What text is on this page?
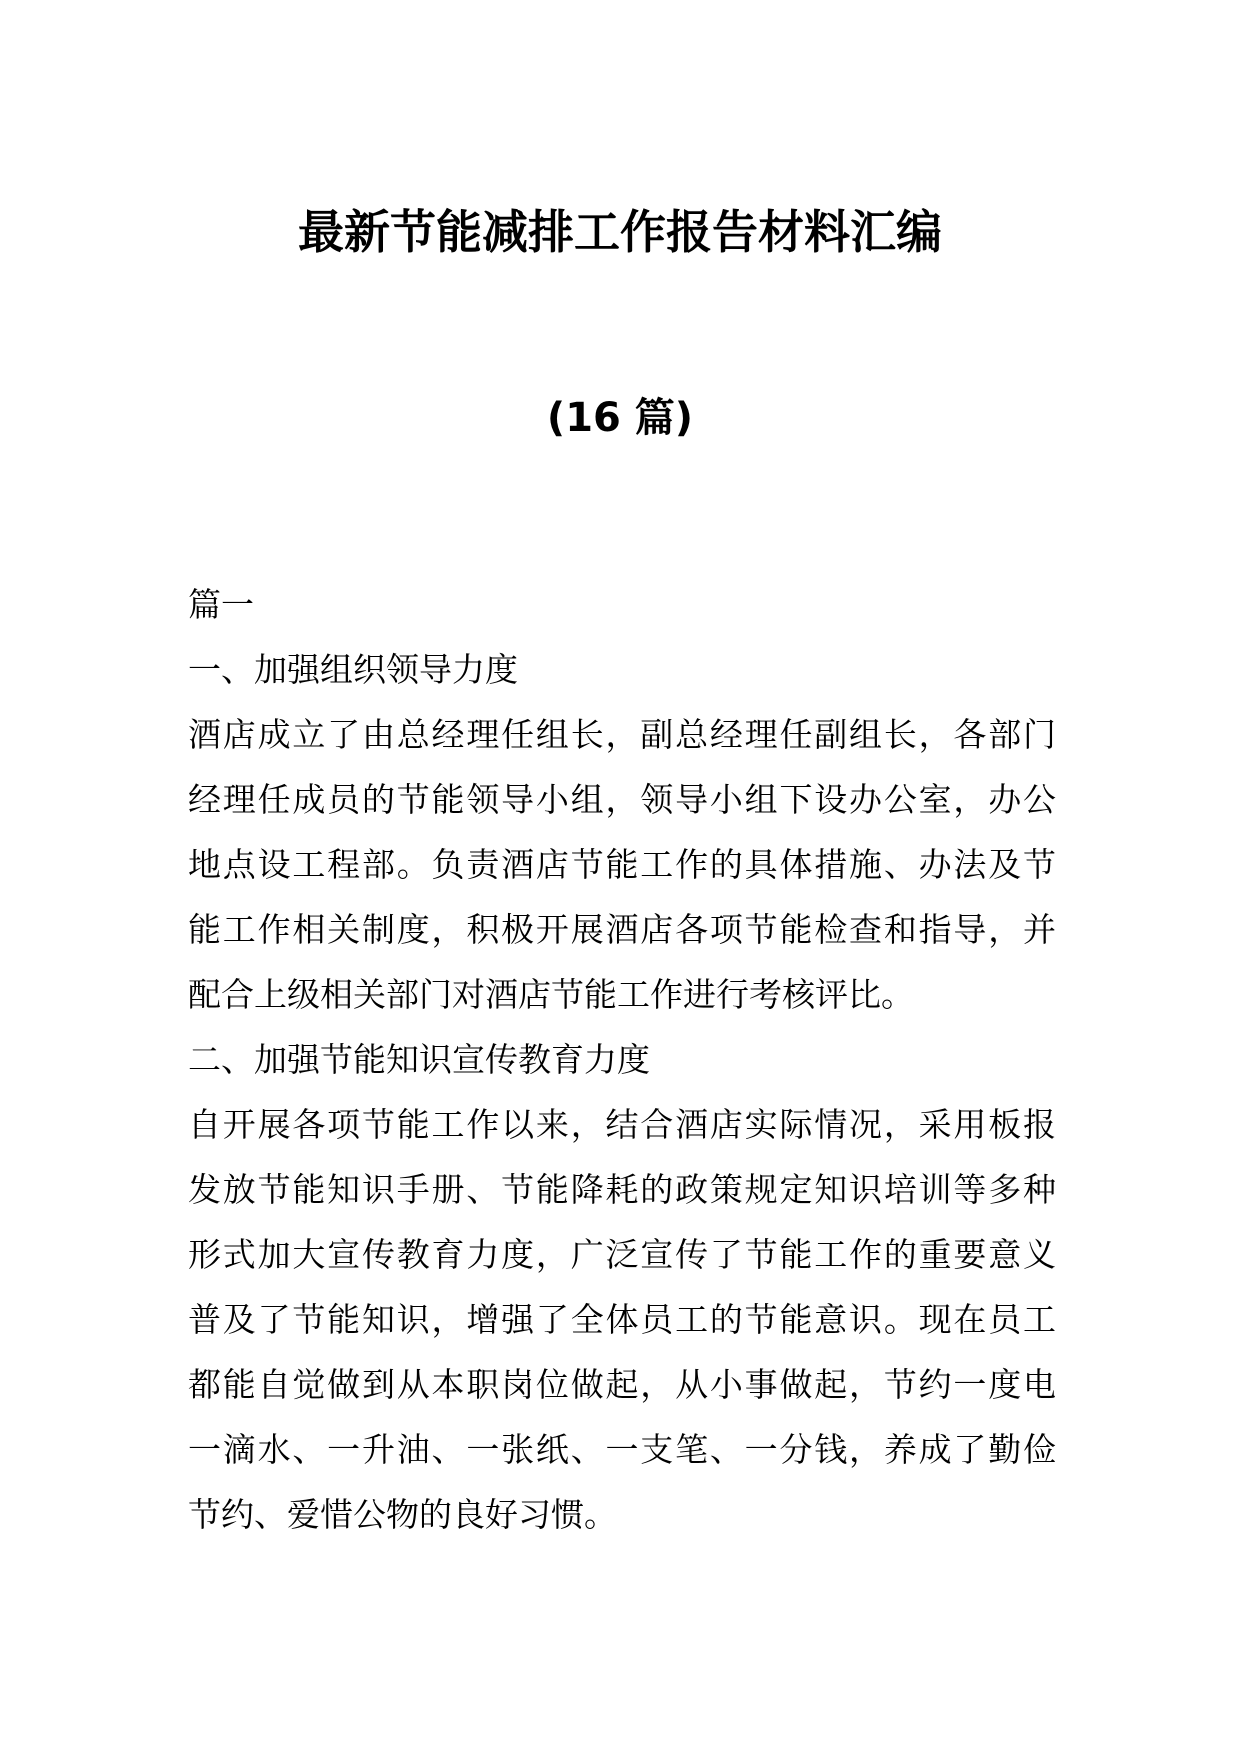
最新节能减排工作报告材料汇编
(16 篇)
篇一
一、加强组织领导力度
酒店成立了由总经理任组长，副总经理任副组长，各部门
经理任成员的节能领导小组，领导小组下设办公室，办公
地点设工程部。负责酒店节能工作的具体措施、办法及节
能工作相关制度，积极开展酒店各项节能检查和指导，并
配合上级相关部门对酒店节能工作进行考核评比。
二、加强节能知识宣传教育力度
自开展各项节能工作以来，结合酒店实际情况，采用板报
发放节能知识手册、节能降耗的政策规定知识培训等多种
形式加大宣传教育力度，广泛宣传了节能工作的重要意义
普及了节能知识，增强了全体员工的节能意识。现在员工
都能自觉做到从本职岗位做起，从小事做起，节约一度电
一滴水、一升油、一张纸、一支笔、一分钱，养成了勤俭
节约、爱惜公物的良好习惯。
